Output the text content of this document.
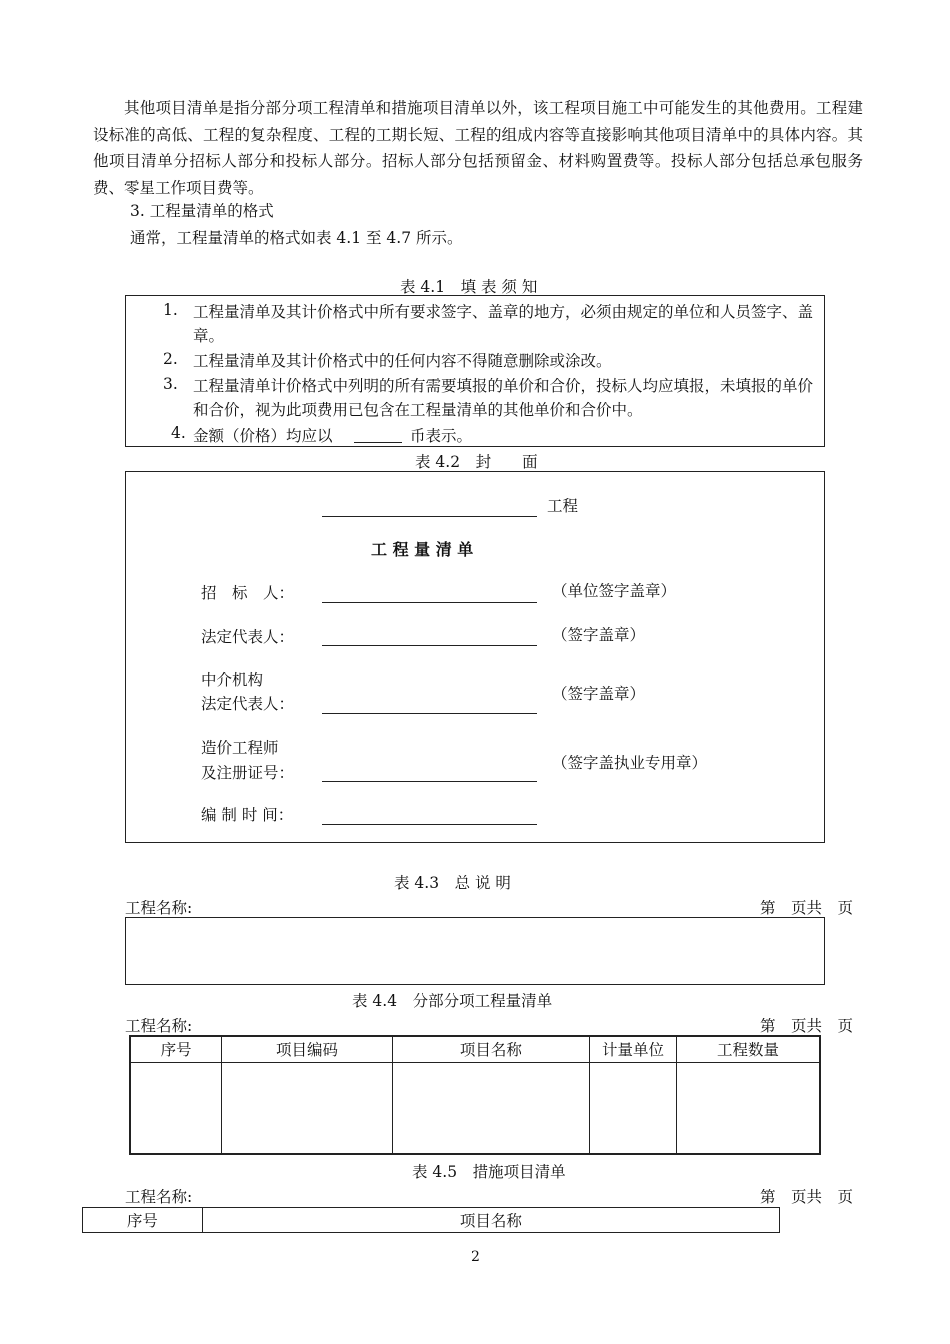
其他项目清单是指分部分项工程清单和措施项目清单以外，该工程项目施工中可能发生的其他费用。工程建设标准的高低、工程的复杂程度、工程的工期长短、工程的组成内容等直接影响其他项目清单中的具体内容。其他项目清单分招标人部分和投标人部分。招标人部分包括预留金、材料购置费等。投标人部分包括总承包服务费、零星工作项目费等。
3. 工程量清单的格式
通常，工程量清单的格式如表 4.1 至 4.7 所示。
表 4.1　填 表 须 知
1. 工程量清单及其计价格式中所有要求签字、盖章的地方，必须由规定的单位和人员签字、盖章。
2. 工程量清单及其计价格式中的任何内容不得随意删除或涂改。
3. 工程量清单计价格式中列明的所有需要填报的单价和合价，投标人均应填报，未填报的单价和合价，视为此项费用已包含在工程量清单的其他单价和合价中。
4. 金额（价格）均应以	币表示。
表 4.2　封　　面
工程
工 程 量 清 单
招　标　人：	（单位签字盖章）
法定代表人：	（签字盖章）
中介机构
法定代表人：
（签字盖章）
造价工程师
及注册证号：
（签字盖执业专用章）
编 制 时 间：
表 4.3　总 说 明
工程名称:	第　页共　页
表 4.4　分部分项工程量清单
工程名称:	第　页共　页
序号	项目编码	项目名称	计量单位	工程数量

表 4.5　措施项目清单
工程名称:	第　页共　页
序号	项目名称
2
